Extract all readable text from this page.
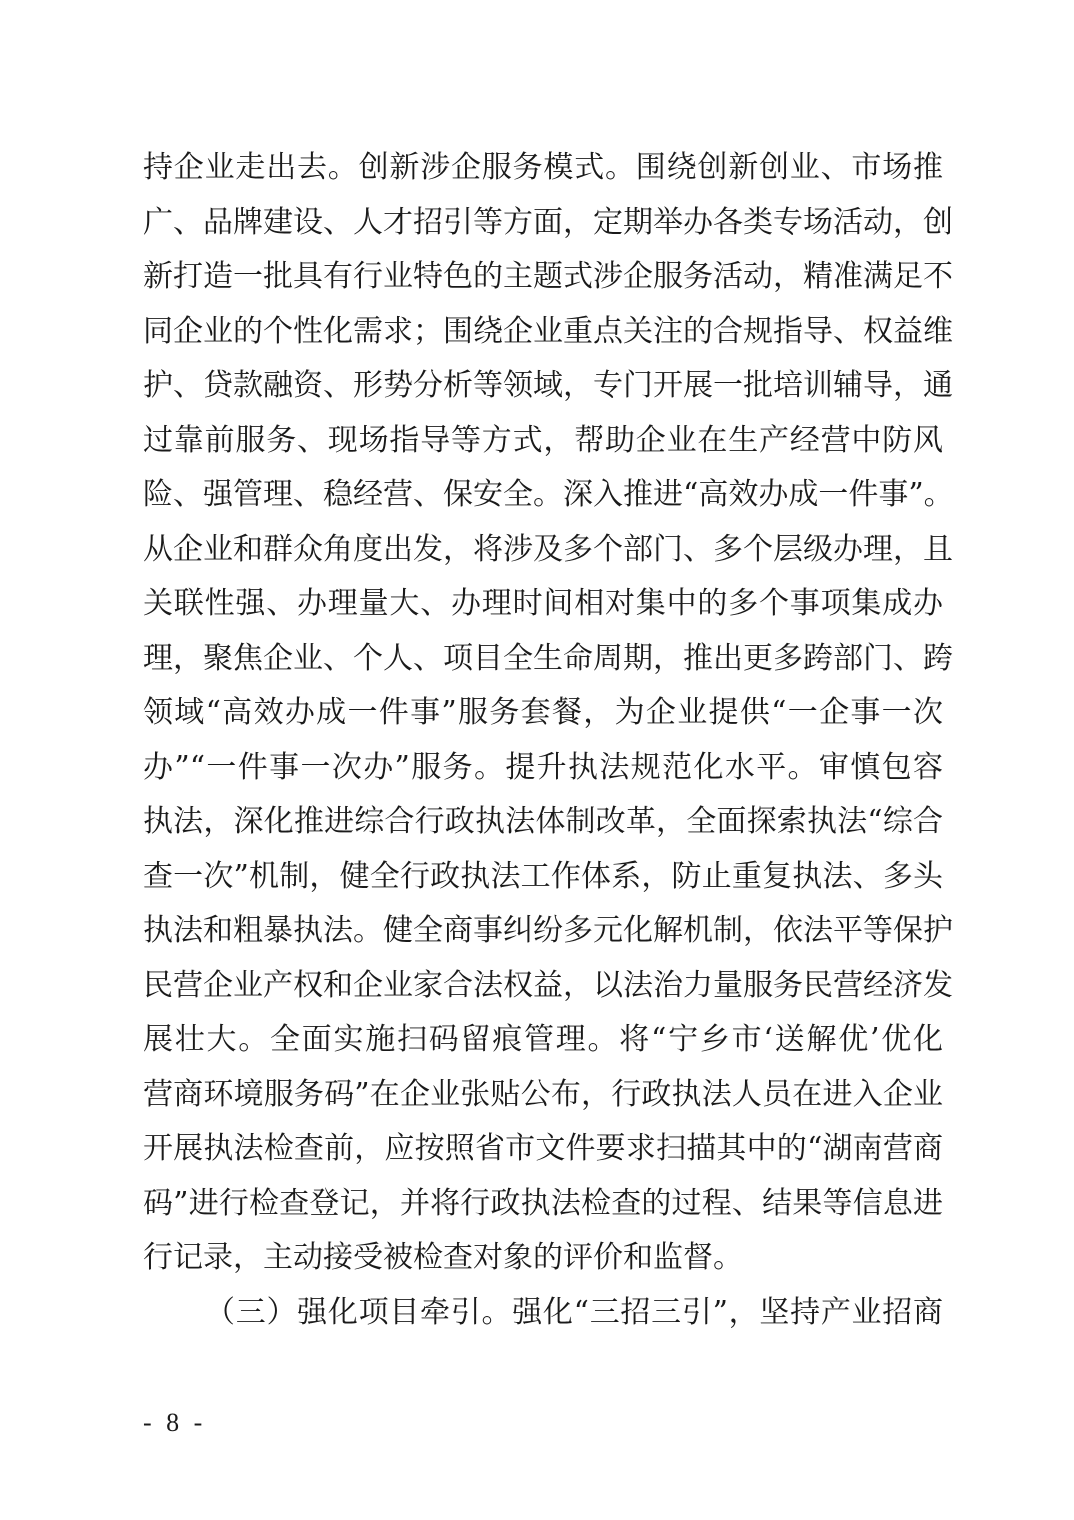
持企业走出去。创新涉企服务模式。围绕创新创业、市场推
广、品牌建设、人才招引等方面，定期举办各类专场活动，创
新打造一批具有行业特色的主题式涉企服务活动，精准满足不
同企业的个性化需求；围绕企业重点关注的合规指导、权益维
护、贷款融资、形势分析等领域，专门开展一批培训辅导，通
过靠前服务、现场指导等方式，帮助企业在生产经营中防风
险、强管理、稳经营、保安全。深入推进“高效办成一件事”。
从企业和群众角度出发，将涉及多个部门、多个层级办理，且
关联性强、办理量大、办理时间相对集中的多个事项集成办
理，聚焦企业、个人、项目全生命周期，推出更多跨部门、跨
领域“高效办成一件事”服务套餐，为企业提供“一企事一次
办”“一件事一次办”服务。提升执法规范化水平。审慎包容
执法，深化推进综合行政执法体制改革，全面探索执法“综合
查一次”机制，健全行政执法工作体系，防止重复执法、多头
执法和粗暴执法。健全商事纠纷多元化解机制，依法平等保护
民营企业产权和企业家合法权益，以法治力量服务民营经济发
展壮大。全面实施扫码留痕管理。将“宁乡市‘送解优’优化
营商环境服务码”在企业张贴公布，行政执法人员在进入企业
开展执法检查前，应按照省市文件要求扫描其中的“湖南营商
码”进行检查登记，并将行政执法检查的过程、结果等信息进
行记录，主动接受被检查对象的评价和监督。
（三）强化项目牵引。强化“三招三引”，坚持产业招商
- 8 -
